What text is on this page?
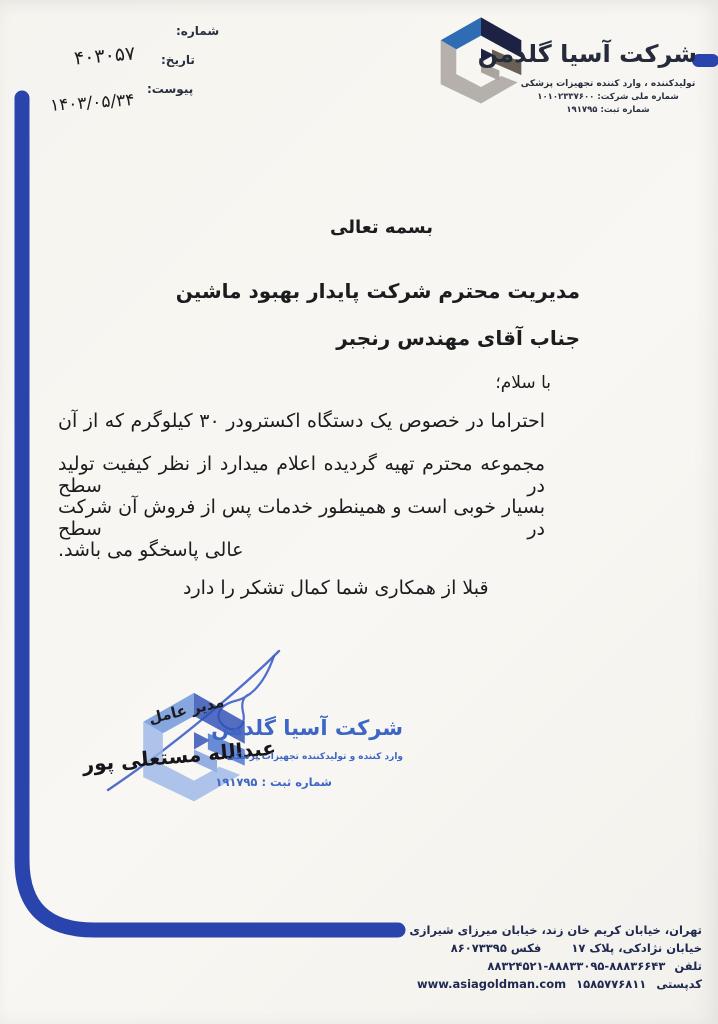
شماره:
تاریخ:
پیوست:
۴۰۳۰۵۷
۱۴۰۳/۰۵/۳۴
شرکت آسیا گلدمن
تولیدکننده ، وارد کننده تجهیزات پزشکی
شماره ملی شرکت: ۱۰۱۰۲۳۳۷۶۰۰
شماره ثبت: ۱۹۱۷۹۵
بسمه تعالی
مدیریت محترم شرکت پایدار بهبود ماشین
جناب آقای مهندس رنجبر
با سلام؛
احتراما در خصوص یک دستگاه اکسترودر ۳۰ کیلوگرم که از آن
مجموعه محترم تهیه گردیده اعلام میدارد از نظر کیفیت تولید در سطح
بسیار خوبی است و همینطور خدمات پس از فروش آن شرکت در سطح
عالی پاسخگو می باشد.
قبلا از همکاری شما کمال تشکر را دارد
مدیر عامل
عبدالله مستعلی پور
شرکت آسیا گلدمن
وارد کننده و تولیدکننده تجهیزات پزشکی
شماره ثبت : ۱۹۱۷۹۵
تهران، خیابان کریم خان زند، خیابان میرزای شیرازی
خیابان نژادکی، پلاک ۱۷
فکس ۸۶۰۷۳۳۹۵
تلفن
۸۸۳۲۴۵۲۱-۸۸۸۳۳۰۹۵-۸۸۸۳۶۶۴۳
کدپستی
۱۵۸۵۷۷۶۸۱۱
www.asiagoldman.com
